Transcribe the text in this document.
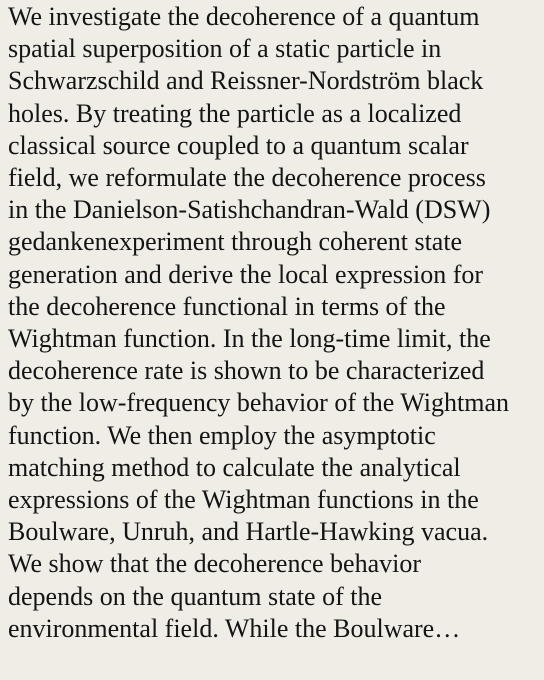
We investigate the decoherence of a quantum
spatial superposition of a static particle in
Schwarzschild and Reissner-Nordström black
holes. By treating the particle as a localized
classical source coupled to a quantum scalar
field, we reformulate the decoherence process
in the Danielson-Satishchandran-Wald (DSW)
gedankenexperiment through coherent state
generation and derive the local expression for
the decoherence functional in terms of the
Wightman function. In the long-time limit, the
decoherence rate is shown to be characterized
by the low-frequency behavior of the Wightman
function. We then employ the asymptotic
matching method to calculate the analytical
expressions of the Wightman functions in the
Boulware, Unruh, and Hartle-Hawking vacua.
We show that the decoherence behavior
depends on the quantum state of the
environmental field. While the Boulware…
